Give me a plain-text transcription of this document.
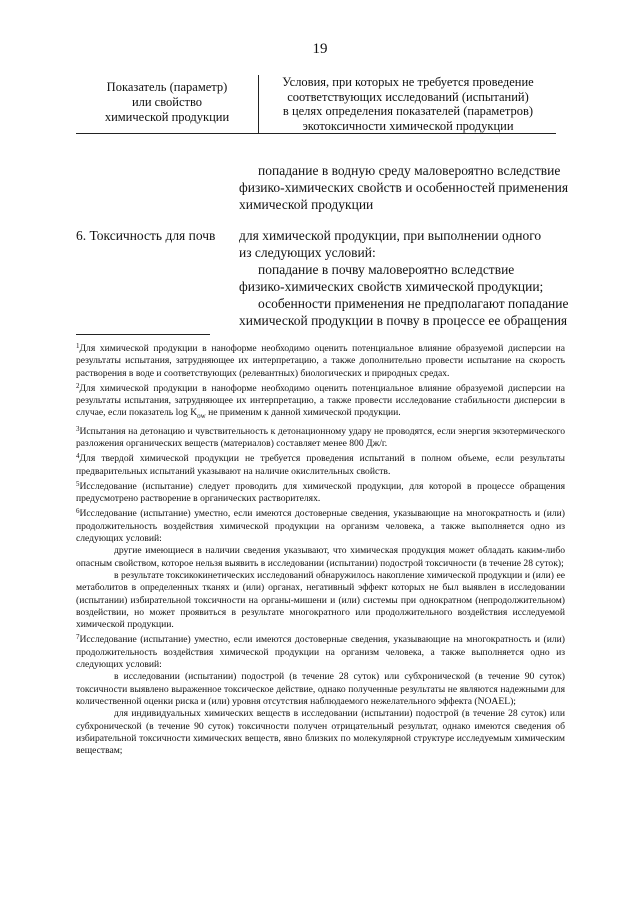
19
Показатель (параметр)
или свойство
химической продукции
Условия, при которых не требуется проведение
соответствующих исследований (испытаний)
в целях определения показателей (параметров)
экотоксичности химической продукции
попадание в водную среду маловероятно вследствие
физико-химических свойств и особенностей применения
химической продукции
6. Токсичность для почв для химической продукции, при выполнении одного
из следующих условий:
попадание в почву маловероятно вследствие
физико-химических свойств химической продукции;
особенности применения не предполагают попадание
химической продукции в почву в процессе ее обращения
$^1$Для химической продукции в наноформе необходимо оценить потенциальное влияние образуемой дисперсии на результаты испытания, затрудняющее их интерпретацию, а также дополнительно провести испытание на скорость растворения в воде и соответствующих (релевантных) биологических и природных средах.
$^2$Для химической продукции в наноформе необходимо оценить потенциальное влияние образуемой дисперсии на результаты испытания, затрудняющее их интерпретацию, а также провести исследование стабильности дисперсии в случае, если показатель $\log K_{ow}$ не применим к данной химической продукции.
$^3$Испытания на детонацию и чувствительность к детонационному удару не проводятся, если энергия экзотермического разложения органических веществ (материалов) составляет менее 800 Дж/г.
$^4$Для твердой химической продукции не требуется проведения испытаний в полном объеме, если результаты предварительных испытаний указывают на наличие окислительных свойств.
$^5$Исследование (испытание) следует проводить для химической продукции, для которой в процессе обращения предусмотрено растворение в органических растворителях.
$^6$Исследование (испытание) уместно, если имеются достоверные сведения, указывающие на многократность и (или) продолжительность воздействия химической продукции на организм человека, а также выполняется одно из следующих условий:
другие имеющиеся в наличии сведения указывают, что химическая продукция может обладать каким-либо опасным свойством, которое нельзя выявить в исследовании (испытании) подострой токсичности (в течение 28 суток);
в результате токсикокинетических исследований обнаружилось накопление химической продукции и (или) ее метаболитов в определенных тканях и (или) органах, негативный эффект которых не был выявлен в исследовании (испытании) избирательной токсичности на органы-мишени и (или) системы при однократном (непродолжительном) воздействии, но может проявиться в результате многократного или продолжительного воздействия исследуемой химической продукции.
$^7$Исследование (испытание) уместно, если имеются достоверные сведения, указывающие на многократность и (или) продолжительность воздействия химической продукции на организм человека, а также выполняется одно из следующих условий:
в исследовании (испытании) подострой (в течение 28 суток) или субхронической (в течение 90 суток) токсичности выявлено выраженное токсическое действие, однако полученные результаты не являются надежными для количественной оценки риска и (или) уровня отсутствия наблюдаемого нежелательного эффекта (NOAEL);
для индивидуальных химических веществ в исследовании (испытании) подострой (в течение 28 суток) или субхронической (в течение 90 суток) токсичности получен отрицательный результат, однако имеются сведения об избирательной токсичности химических веществ, явно близких по молекулярной структуре исследуемым химическим веществам;
